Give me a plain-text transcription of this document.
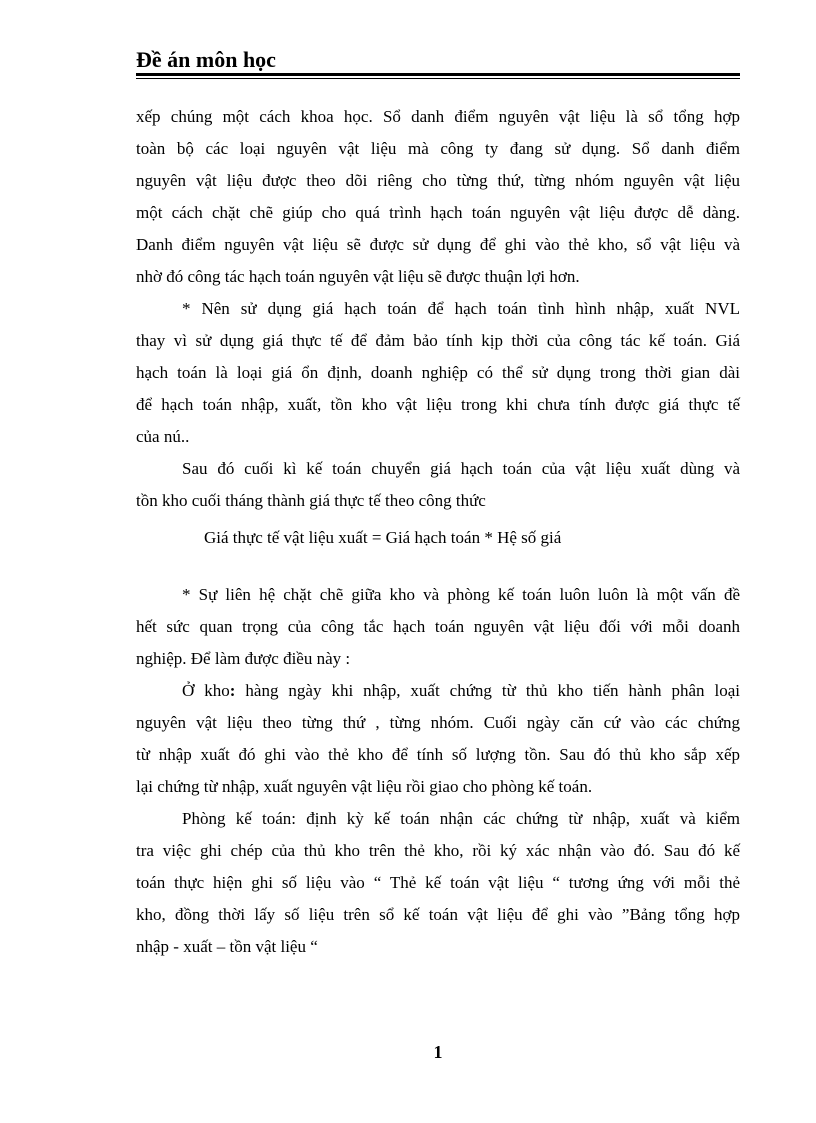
Đề án môn học

xếp chúng một cách khoa học. Sổ danh điểm nguyên vật liệu là sổ tổng hợp
toàn bộ các loại nguyên vật liệu mà công ty đang sử dụng. Sổ danh điểm
nguyên vật liệu được theo dõi riêng cho từng thứ, từng nhóm nguyên vật liệu
một cách chặt chẽ giúp cho quá trình hạch toán nguyên vật liệu được dễ dàng.
Danh điểm nguyên vật liệu sẽ được sử dụng để ghi vào thẻ kho, sổ vật liệu và
nhờ đó công tác hạch toán nguyên vật liệu sẽ được thuận lợi hơn.

* Nên sử dụng giá hạch toán để hạch toán tình hình nhập, xuất NVL
thay vì sử dụng giá thực tế để đảm bảo tính kịp thời của công tác kế toán. Giá
hạch toán là loại giá ổn định, doanh nghiệp có thể sử dụng trong thời gian dài
để hạch toán nhập, xuất, tồn kho vật liệu trong khi chưa tính được giá thực tế
của nú..

Sau đó cuối kì kế toán chuyển giá hạch toán của vật liệu xuất dùng và
tồn kho cuối tháng thành giá thực tế theo công thức

Giá thực tế vật liệu xuất = Giá hạch toán * Hệ số giá

* Sự liên hệ chặt chẽ giữa kho và phòng kế toán luôn luôn là một vấn đề
hết sức quan trọng của công tắc hạch toán nguyên vật liệu đối với mỗi doanh
nghiệp. Để làm được điều này :

Ở kho: hàng ngày khi nhập, xuất chứng từ thủ kho tiến hành phân loại
nguyên vật liệu theo từng thứ , từng nhóm. Cuối ngày căn cứ vào các chứng
từ nhập xuất đó ghi vào thẻ kho để tính số lượng tồn. Sau đó thủ kho sắp xếp
lại chứng từ nhập, xuất nguyên vật liệu rồi giao cho phòng kế toán.

Phòng kế toán: định kỳ kế toán nhận các chứng từ nhập, xuất và kiểm
tra việc ghi chép của thủ kho trên thẻ kho, rồi ký xác nhận vào đó. Sau đó kế
toán thực hiện ghi số liệu vào “ Thẻ kế toán vật liệu “ tương ứng với mỗi thẻ
kho, đồng thời lấy số liệu trên sổ kế toán vật liệu để ghi vào ”Bảng tổng hợp
nhập - xuất – tồn vật liệu “

1
